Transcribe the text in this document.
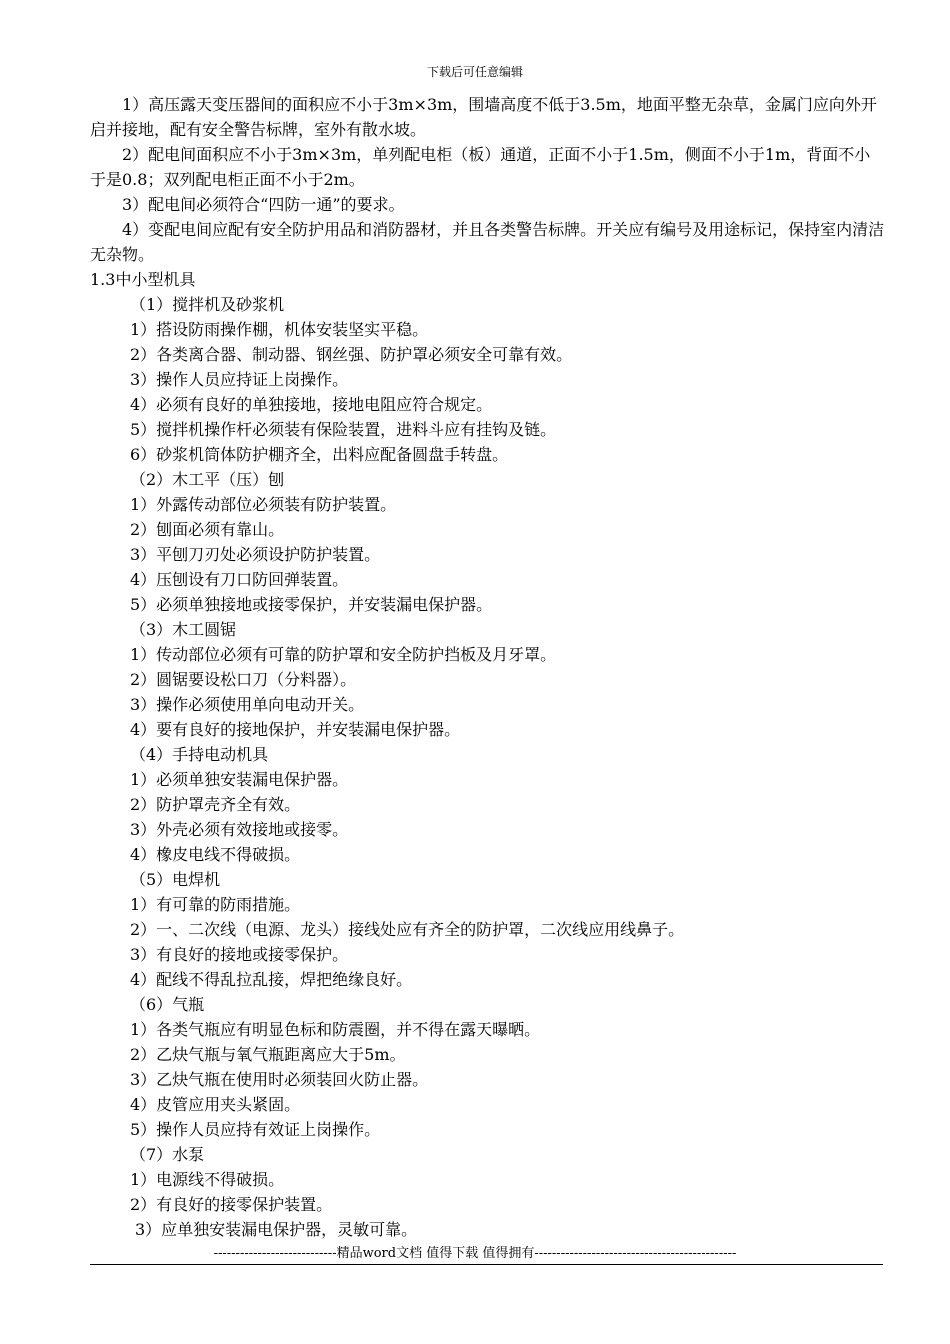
下载后可任意编辑

1）高压露天变压器间的面积应不小于3m×3m，围墙高度不低于3.5m，地面平整无杂草，金属门应向外开启并接地，配有安全警告标牌，室外有散水坡。

2）配电间面积应不小于3m×3m，单列配电柜（板）通道，正面不小于1.5m，侧面不小于1m，背面不小于是0.8；双列配电柜正面不小于2m。

3）配电间必须符合“四防一通”的要求。

4）变配电间应配有安全防护用品和消防器材，并且各类警告标牌。开关应有编号及用途标记，保持室内清洁无杂物。

1.3中小型机具

（1）搅拌机及砂浆机

1）搭设防雨操作棚，机体安装坚实平稳。

2）各类离合器、制动器、钢丝强、防护罩必须安全可靠有效。

3）操作人员应持证上岗操作。

4）必须有良好的单独接地，接地电阻应符合规定。

5）搅拌机操作杆必须装有保险装置，进料斗应有挂钩及链。

6）砂浆机筒体防护棚齐全，出料应配备圆盘手转盘。

（2）木工平（压）刨

1）外露传动部位必须装有防护装置。

2）刨面必须有靠山。

3）平刨刀刃处必须设护防护装置。

4）压刨设有刀口防回弹装置。

5）必须单独接地或接零保护，并安装漏电保护器。

（3）木工圆锯

1）传动部位必须有可靠的防护罩和安全防护挡板及月牙罩。

2）圆锯要设松口刀（分料器）。

3）操作必须使用单向电动开关。

4）要有良好的接地保护，并安装漏电保护器。

（4）手持电动机具

1）必须单独安装漏电保护器。

2）防护罩壳齐全有效。

3）外壳必须有效接地或接零。

4）橡皮电线不得破损。

（5）电焊机

1）有可靠的防雨措施。

2）一、二次线（电源、龙头）接线处应有齐全的防护罩，二次线应用线鼻子。

3）有良好的接地或接零保护。

4）配线不得乱拉乱接，焊把绝缘良好。

（6）气瓶

1）各类气瓶应有明显色标和防震圈，并不得在露天曝晒。

2）乙炔气瓶与氧气瓶距离应大于5m。

3）乙炔气瓶在使用时必须装回火防止器。

4）皮管应用夹头紧固。

5）操作人员应持有效证上岗操作。

（7）水泵

1）电源线不得破损。

2）有良好的接零保护装置。

3）应单独安装漏电保护器，灵敏可靠。

----------------------------精品word文档 值得下载 值得拥有----------------------------------------------
